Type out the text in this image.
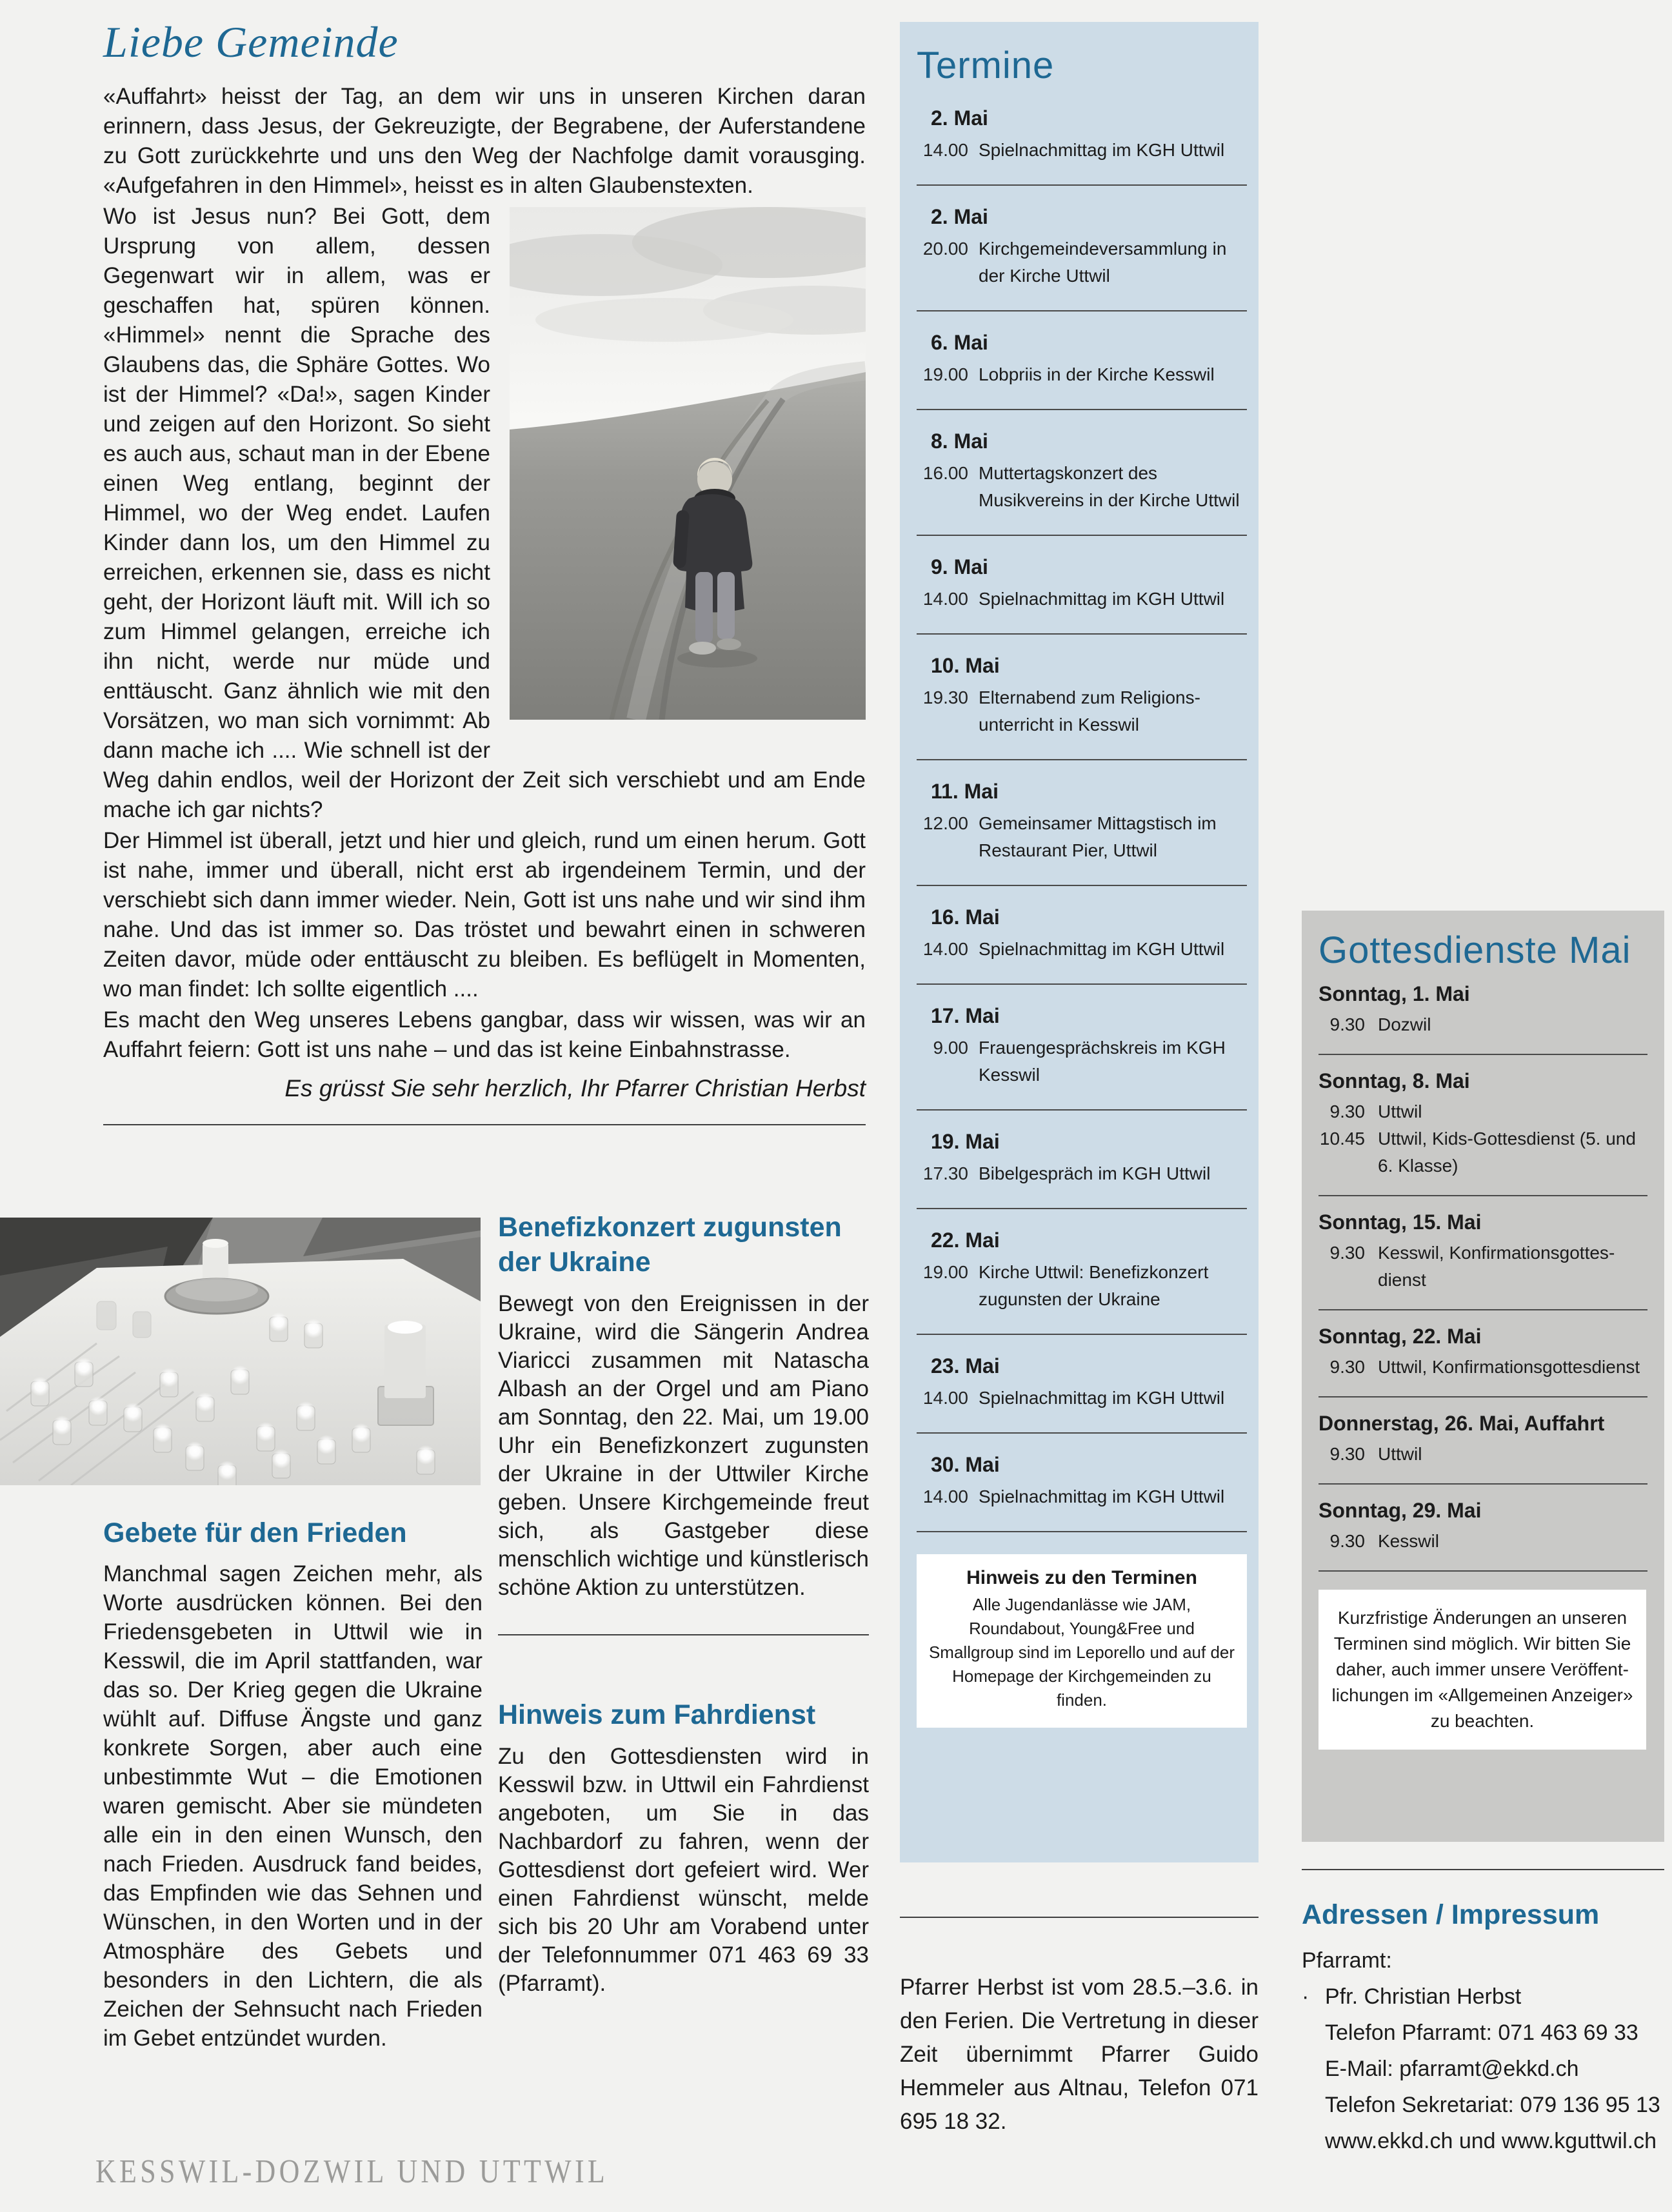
Liebe Gemeinde

«Auffahrt» heisst der Tag, an dem wir uns in unseren Kirchen daran erinnern, dass Jesus, der Gekreuzigte, der Begrabene, der Auferstandene zu Gott zurückkehrte und uns den Weg der Nachfolge damit vorausging. «Aufgefahren in den Himmel», heisst es in alten Glaubenstexten.

Wo ist Jesus nun? Bei Gott, dem Ursprung von allem, dessen Gegenwart wir in allem, was er geschaffen hat, spüren können. «Himmel» nennt die Sprache des Glaubens das, die Sphäre Gottes. Wo ist der Himmel? «Da!», sagen Kinder und zeigen auf den Horizont. So sieht es auch aus, schaut man in der Ebene einen Weg entlang, beginnt der Himmel, wo der Weg endet. Laufen Kinder dann los, um den Himmel zu erreichen, erkennen sie, dass es nicht geht, der Horizont läuft mit. Will ich so zum Himmel gelangen, erreiche ich ihn nicht, werde nur müde und enttäuscht. Ganz ähnlich wie mit den Vorsätzen, wo man sich vornimmt: Ab dann mache ich .... Wie schnell ist der Weg dahin endlos, weil der Horizont der Zeit sich verschiebt und am Ende mache ich gar nichts?

Der Himmel ist überall, jetzt und hier und gleich, rund um einen herum. Gott ist nahe, immer und überall, nicht erst ab irgendeinem Termin, und der verschiebt sich dann immer wieder. Nein, Gott ist uns nahe und wir sind ihm nahe. Und das ist immer so. Das tröstet und bewahrt einen in schweren Zeiten davor, müde oder enttäuscht zu bleiben. Es beflügelt in Momenten, wo man findet: Ich sollte eigentlich ....

Es macht den Weg unseres Lebens gangbar, dass wir wissen, was wir an Auffahrt feiern: Gott ist uns nahe – und das ist keine Einbahnstrasse.

Es grüsst Sie sehr herzlich, Ihr Pfarrer Christian Herbst

Gebete für den Frieden

Manchmal sagen Zeichen mehr, als Worte ausdrücken können. Bei den Friedensgebeten in Uttwil wie in Kesswil, die im April stattfanden, war das so. Der Krieg gegen die Ukraine wühlt auf. Diffuse Ängste und ganz konkrete Sorgen, aber auch eine unbestimmte Wut – die Emotionen waren gemischt. Aber sie mündeten alle ein in den einen Wunsch, den nach Frieden. Ausdruck fand beides, das Empfinden wie das Sehnen und Wünschen, in den Worten und in der Atmosphäre des Gebets und besonders in den Lichtern, die als Zeichen der Sehnsucht nach Frieden im Gebet entzündet wurden.

Benefizkonzert zugunsten der Ukraine

Bewegt von den Ereignissen in der Ukraine, wird die Sängerin Andrea Viaricci zusammen mit Natascha Albash an der Orgel und am Piano am Sonntag, den 22. Mai, um 19.00 Uhr ein Benefizkonzert zugunsten der Ukraine in der Uttwiler Kirche geben. Unsere Kirchgemeinde freut sich, als Gastgeber diese menschlich wichtige und künstlerisch schöne Aktion zu unterstützen.

Hinweis zum Fahrdienst

Zu den Gottesdiensten wird in Kesswil bzw. in Uttwil ein Fahrdienst angeboten, um Sie in das Nachbardorf zu fahren, wenn der Gottesdienst dort gefeiert wird. Wer einen Fahrdienst wünscht, melde sich bis 20 Uhr am Vorabend unter der Telefonnummer 071 463 69 33 (Pfarramt).

Termine
2. Mai
14.00 Spielnachmittag im KGH Uttwil
2. Mai
20.00 Kirchgemeindeversammlung in der Kirche Uttwil
6. Mai
19.00 Lobpriis in der Kirche Kesswil
8. Mai
16.00 Muttertagskonzert des Musikvereins in der Kirche Uttwil
9. Mai
14.00 Spielnachmittag im KGH Uttwil
10. Mai
19.30 Elternabend zum Religionsunterricht in Kesswil
11. Mai
12.00 Gemeinsamer Mittagstisch im Restaurant Pier, Uttwil
16. Mai
14.00 Spielnachmittag im KGH Uttwil
17. Mai
9.00 Frauengesprächskreis im KGH Kesswil
19. Mai
17.30 Bibelgespräch im KGH Uttwil
22. Mai
19.00 Kirche Uttwil: Benefizkonzert zugunsten der Ukraine
23. Mai
14.00 Spielnachmittag im KGH Uttwil
30. Mai
14.00 Spielnachmittag im KGH Uttwil
Hinweis zu den Terminen
Alle Jugendanlässe wie JAM, Roundabout, Young&Free und Smallgroup sind im Leporello und auf der Homepage der Kirchgemeinden zu finden.

Pfarrer Herbst ist vom 28.5.–3.6. in den Ferien. Die Vertretung in dieser Zeit übernimmt Pfarrer Guido Hemmeler aus Altnau, Telefon 071 695 18 32.

Gottesdienste Mai
Sonntag, 1. Mai
9.30 Dozwil
Sonntag, 8. Mai
9.30 Uttwil
10.45 Uttwil, Kids-Gottesdienst (5. und 6. Klasse)
Sonntag, 15. Mai
9.30 Kesswil, Konfirmationsgottesdienst
Sonntag, 22. Mai
9.30 Uttwil, Konfirmationsgottesdienst
Donnerstag, 26. Mai, Auffahrt
9.30 Uttwil
Sonntag, 29. Mai
9.30 Kesswil
Kurzfristige Änderungen an unseren Terminen sind möglich. Wir bitten Sie daher, auch immer unsere Veröffentlichungen im «Allgemeinen Anzeiger» zu beachten.
Adressen / Impressum
Pfarramt:
· Pfr. Christian Herbst
Telefon Pfarramt: 071 463 69 33
E-Mail: pfarramt@ekkd.ch
Telefon Sekretariat: 079 136 95 13
www.ekkd.ch und www.kguttwil.ch
KESSWIL-DOZWIL UND UTTWIL
